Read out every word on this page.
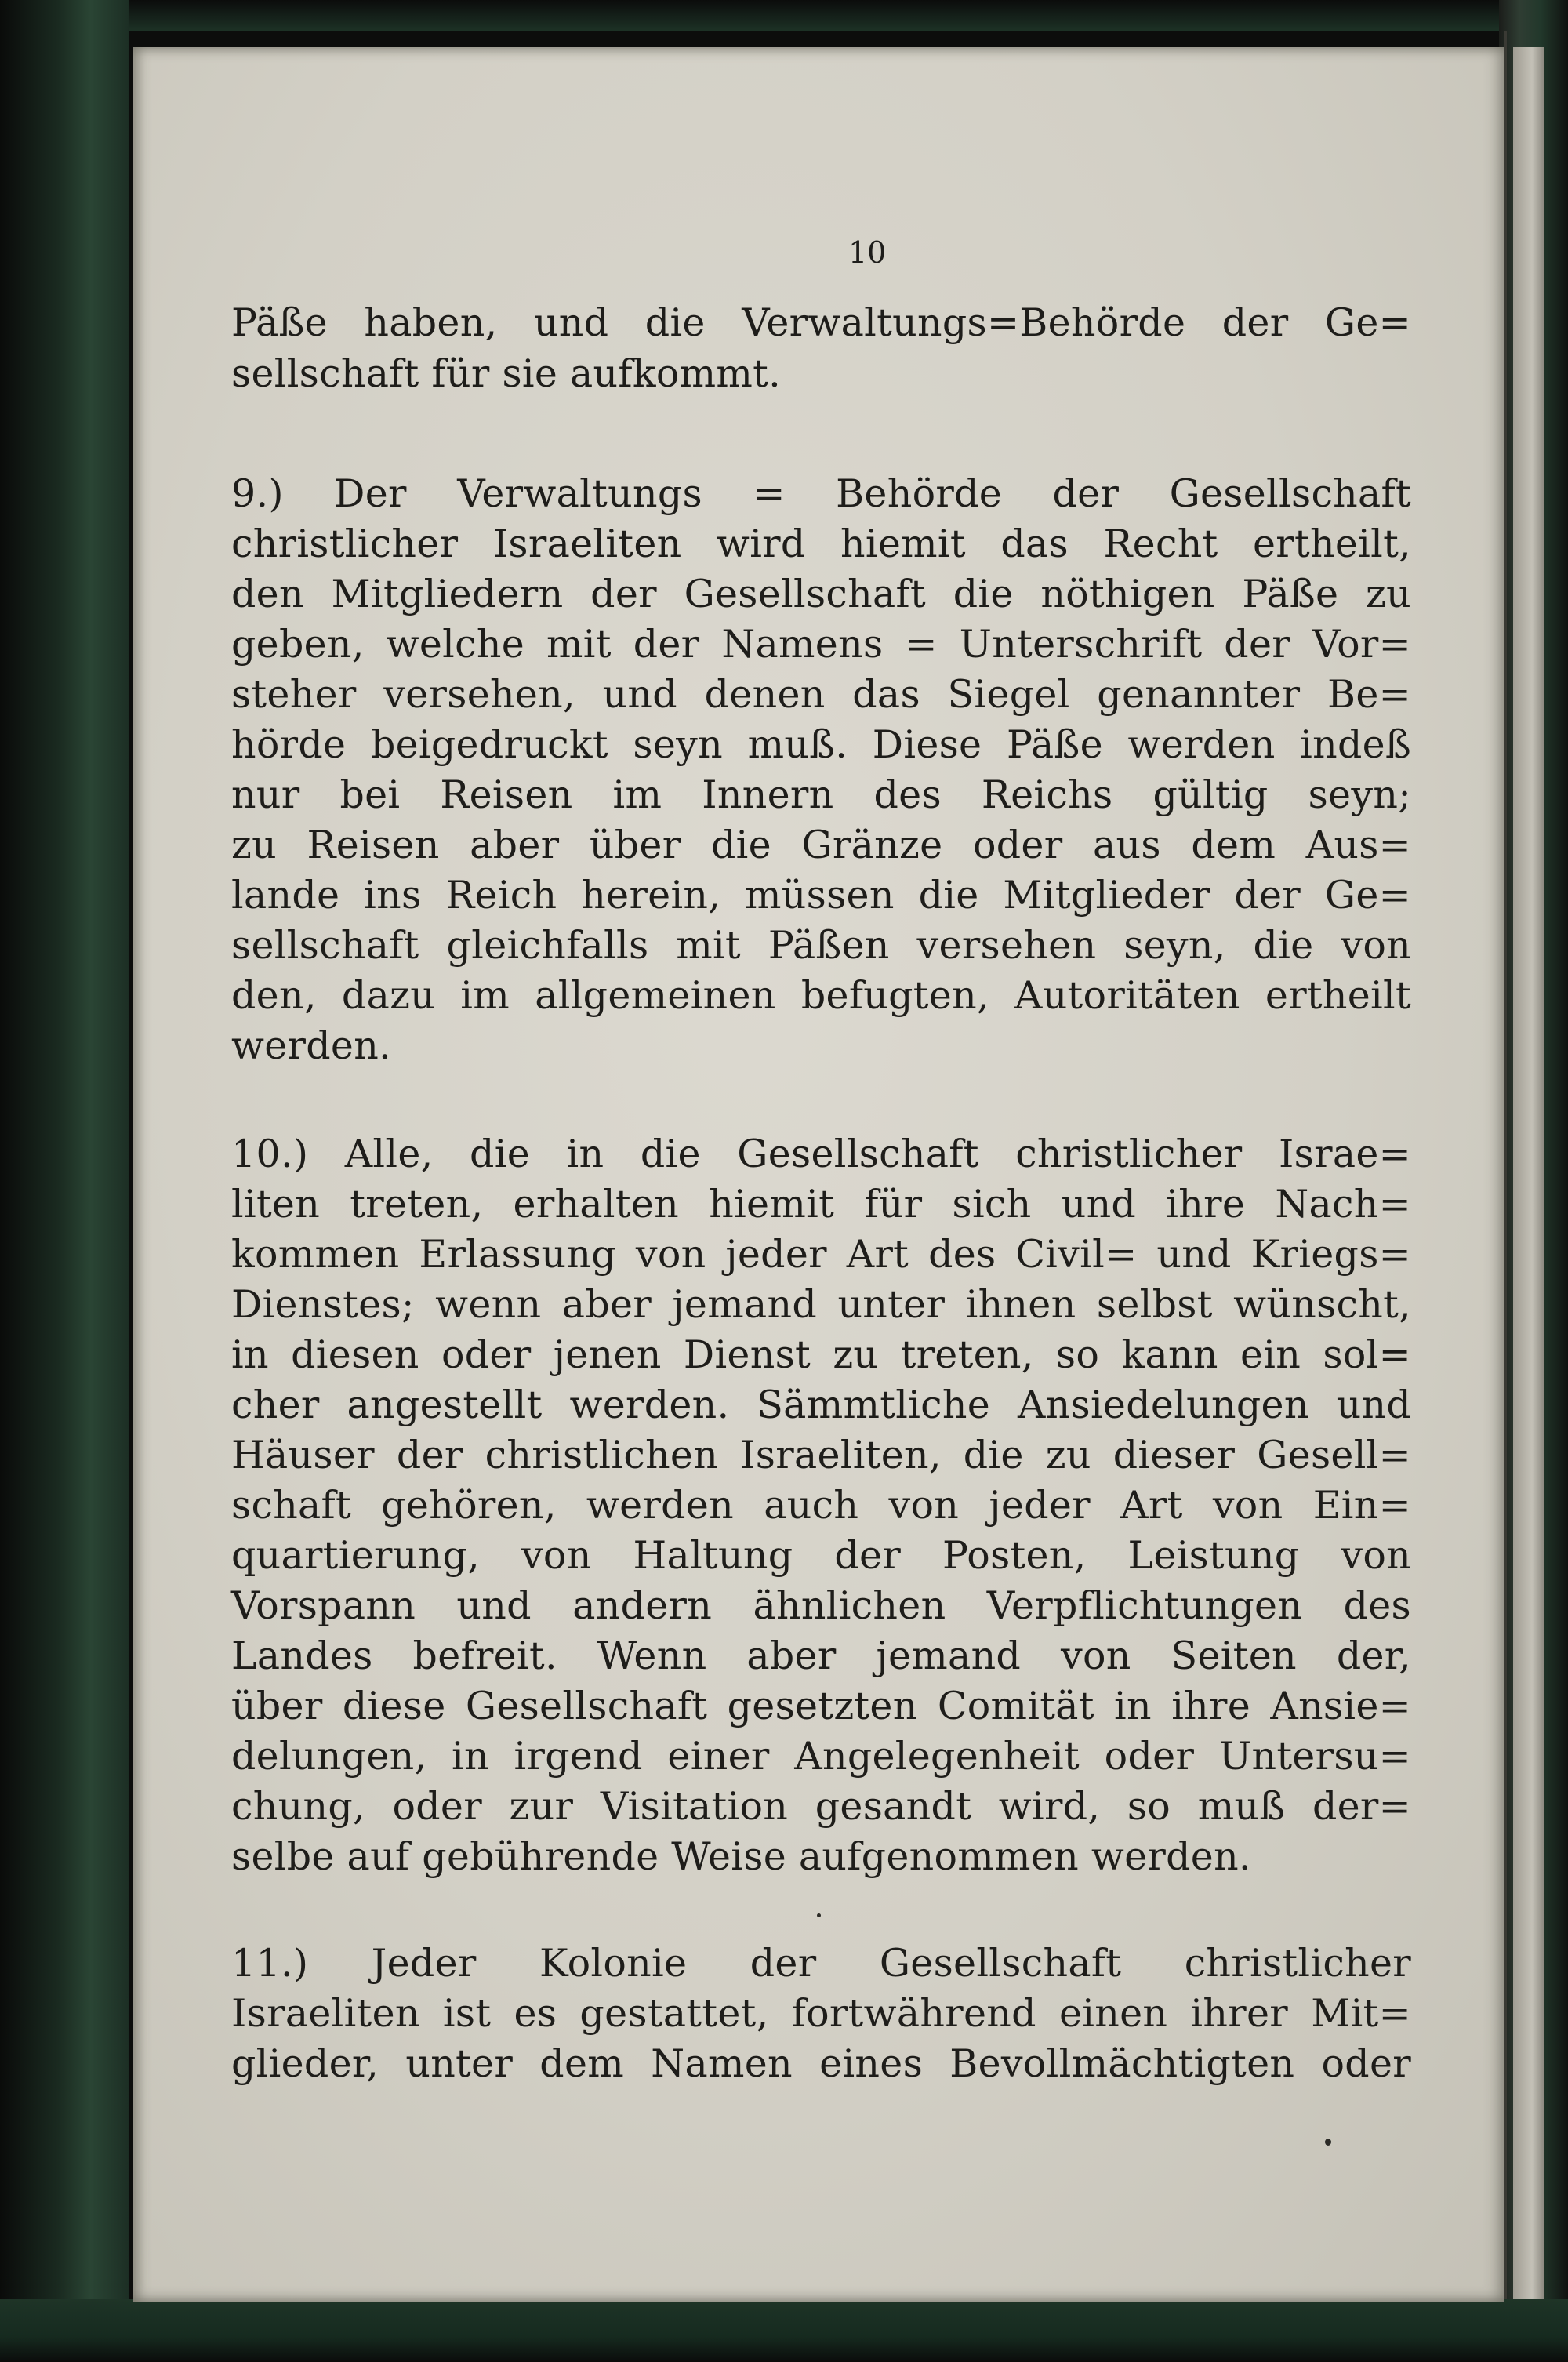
10
Päße haben, und die Verwaltungs=Behörde der Ge=
sellschaft für sie aufkommt.
9.) Der Verwaltungs = Behörde der Gesellschaft
christlicher Israeliten wird hiemit das Recht ertheilt,
den Mitgliedern der Gesellschaft die nöthigen Päße zu
geben, welche mit der Namens = Unterschrift der Vor=
steher versehen, und denen das Siegel genannter Be=
hörde beigedruckt seyn muß. Diese Päße werden indeß
nur bei Reisen im Innern des Reichs gültig seyn;
zu Reisen aber über die Gränze oder aus dem Aus=
lande ins Reich herein, müssen die Mitglieder der Ge=
sellschaft gleichfalls mit Päßen versehen seyn, die von
den, dazu im allgemeinen befugten, Autoritäten ertheilt
werden.
10.) Alle, die in die Gesellschaft christlicher Israe=
liten treten, erhalten hiemit für sich und ihre Nach=
kommen Erlassung von jeder Art des Civil= und Kriegs=
Dienstes; wenn aber jemand unter ihnen selbst wünscht,
in diesen oder jenen Dienst zu treten, so kann ein sol=
cher angestellt werden. Sämmtliche Ansiedelungen und
Häuser der christlichen Israeliten, die zu dieser Gesell=
schaft gehören, werden auch von jeder Art von Ein=
quartierung, von Haltung der Posten, Leistung von
Vorspann und andern ähnlichen Verpflichtungen des
Landes befreit. Wenn aber jemand von Seiten der,
über diese Gesellschaft gesetzten Comität in ihre Ansie=
delungen, in irgend einer Angelegenheit oder Untersu=
chung, oder zur Visitation gesandt wird, so muß der=
selbe auf gebührende Weise aufgenommen werden.
11.) Jeder Kolonie der Gesellschaft christlicher
Israeliten ist es gestattet, fortwährend einen ihrer Mit=
glieder, unter dem Namen eines Bevollmächtigten oder
